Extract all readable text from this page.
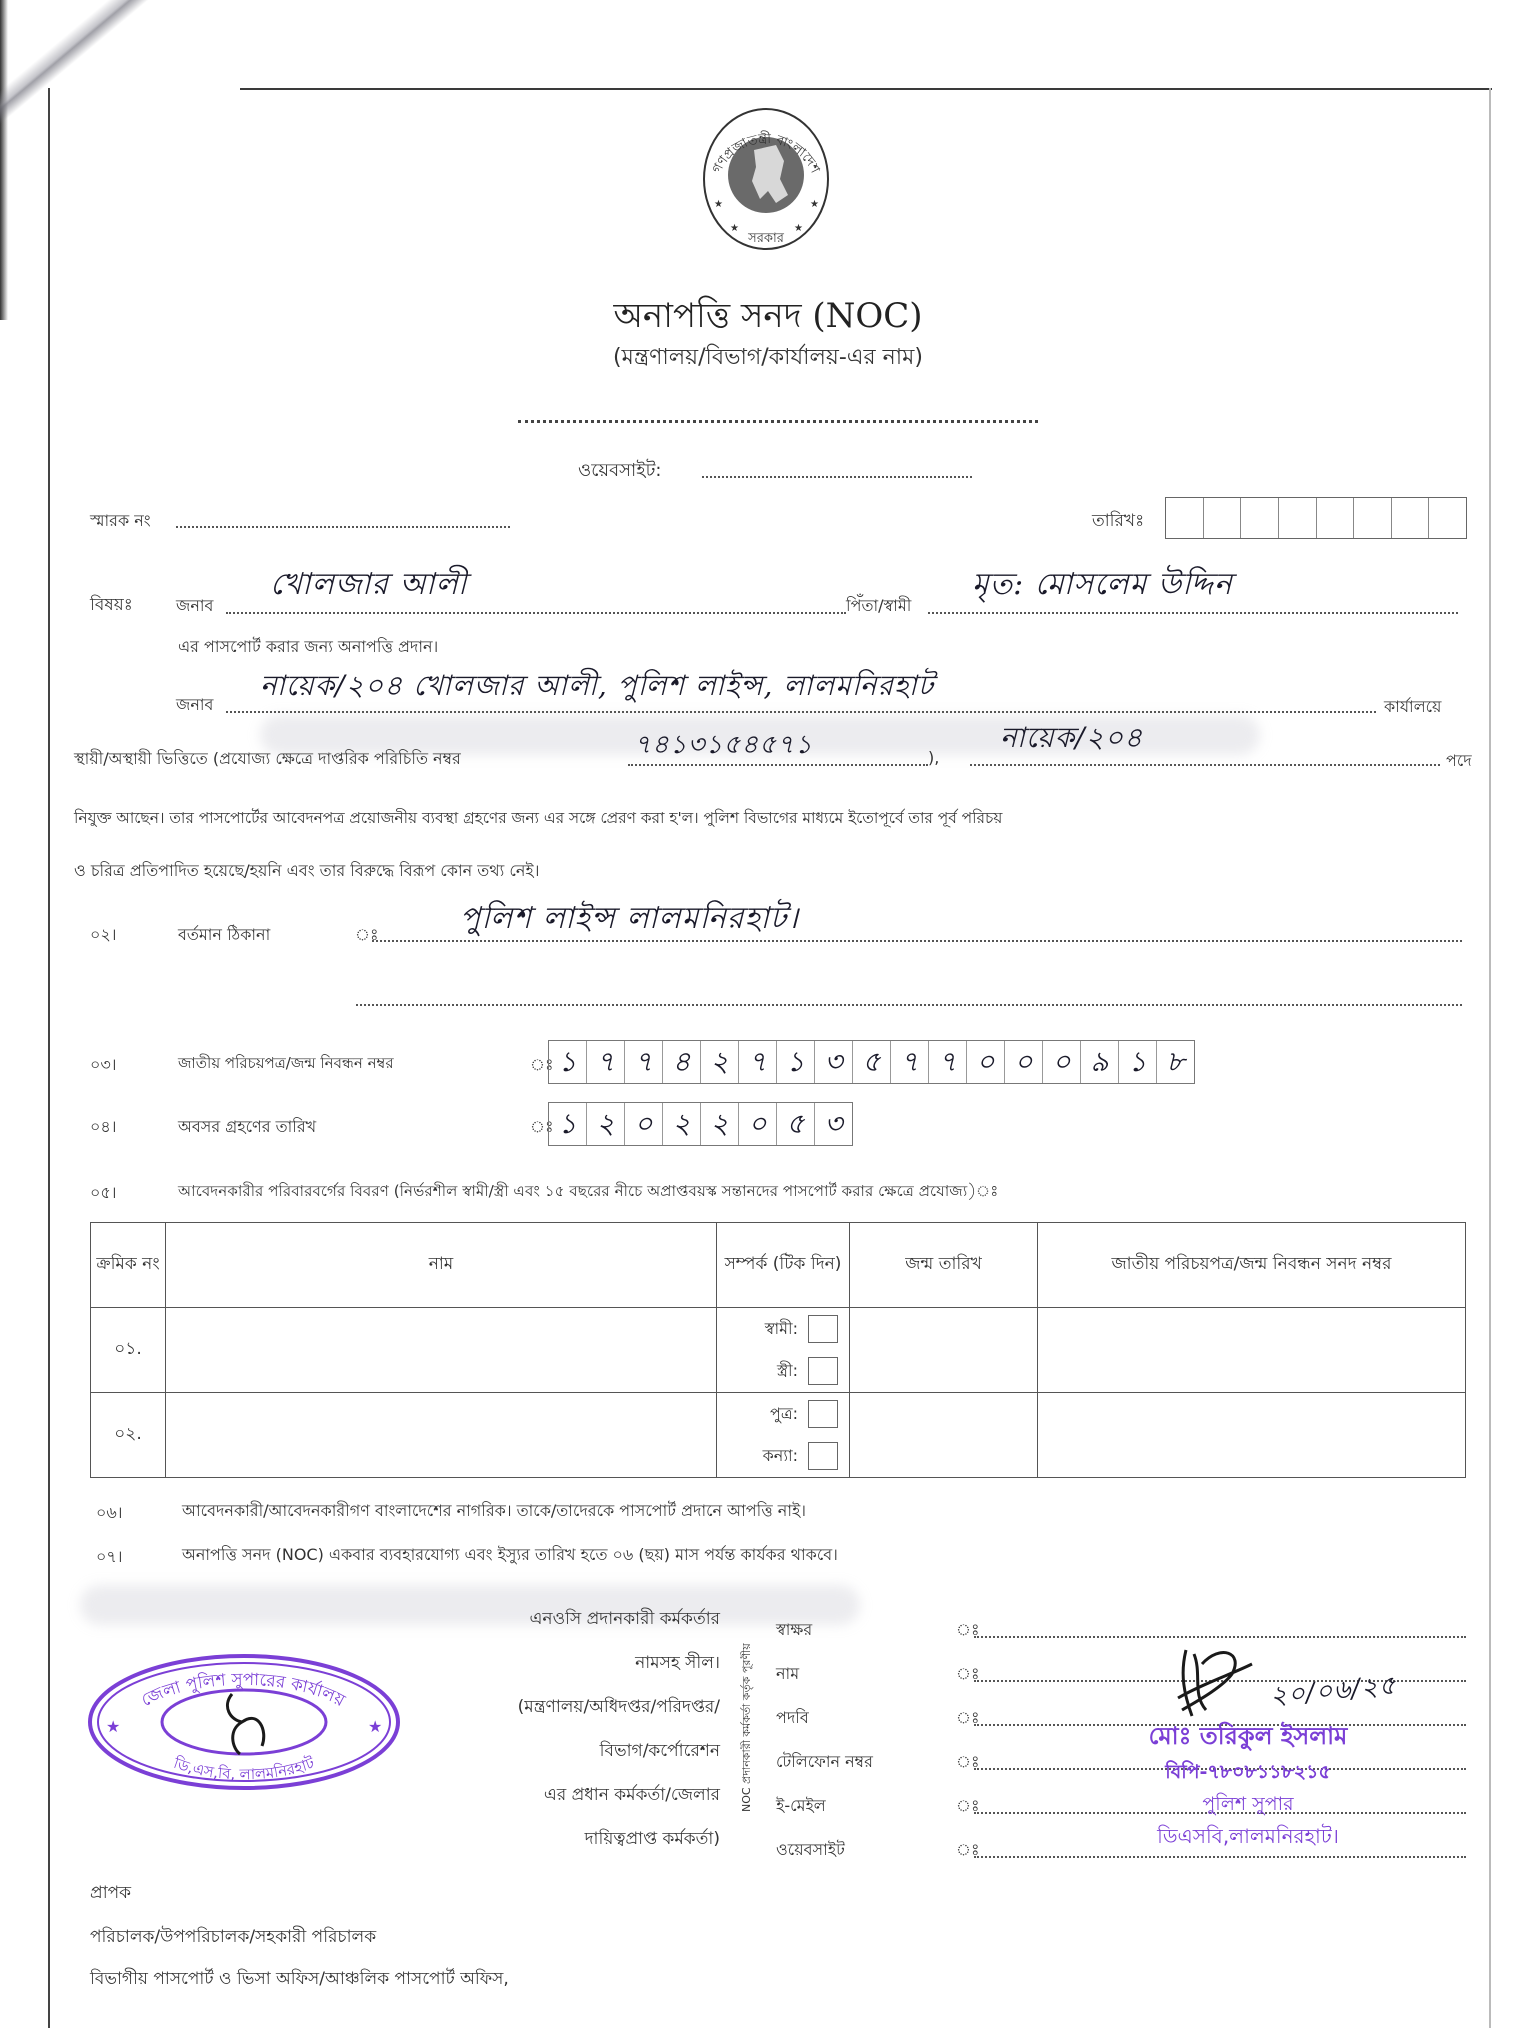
গণপ্রজাতন্ত্রী বাংলাদেশ
সরকার
★	★
★	★
অনাপত্তি সনদ (NOC)
(মন্ত্রণালয়/বিভাগ/কার্যালয়-এর নাম)
ওয়েবসাইট:
স্মারক নং	তারিখঃ
বিষয়ঃ	জনাব
খোলজার আলী
পিঁতা/স্বামী
মৃত: মোসলেম উদ্দিন
এর পাসপোর্ট করার জন্য অনাপত্তি প্রদান।
জনাব
নায়েক/২০৪ খোলজার আলী, পুলিশ লাইন্স, লালমনিরহাট
কার্যালয়ে
স্থায়ী/অস্থায়ী ভিত্তিতে (প্রযোজ্য ক্ষেত্রে দাপ্তরিক পরিচিতি নম্বর	৭৪১৩১৫৪৫৭১	),
নায়েক/২০৪
পদে
নিযুক্ত আছেন। তার পাসপোর্টের আবেদনপত্র প্রয়োজনীয় ব্যবস্থা গ্রহণের জন্য এর সঙ্গে প্রেরণ করা হ'ল। পুলিশ বিভাগের মাধ্যমে ইতোপূর্বে তার পূর্ব পরিচয়
ও চরিত্র প্রতিপাদিত হয়েছে/হয়নি এবং তার বিরুদ্ধে বিরূপ কোন তথ্য নেই।
০২।	বর্তমান ঠিকানা	ঃ	পুলিশ লাইন্স লালমনিরহাট।
০৩।	জাতীয় পরিচয়পত্র/জন্ম নিবন্ধন নম্বর	ঃ ১ ৭ ৭ ৪ ২ ৭ ১ ৩ ৫ ৭ ৭ ০ ০ ০ ৯ ১ ৮
০৪।	অবসর গ্রহণের তারিখ	ঃ ১ ২ ০ ২ ২ ০ ৫ ৩
০৫।	আবেদনকারীর পরিবারবর্গের বিবরণ (নির্ভরশীল স্বামী/স্ত্রী এবং ১৫ বছরের নীচে অপ্রাপ্তবয়স্ক সন্তানদের পাসপোর্ট করার ক্ষেত্রে প্রযোজ্য)ঃ
ক্রমিক নং	নাম	সম্পর্ক (টিক দিন)	জন্ম তারিখ	জাতীয় পরিচয়পত্র/জন্ম নিবন্ধন সনদ নম্বর
০১.		স্বামী:
স্ত্রী:		

০২.		পুত্র:
কন্যা:		

০৬।	আবেদনকারী/আবেদনকারীগণ বাংলাদেশের নাগরিক। তাকে/তাদেরকে পাসপোর্ট প্রদানে আপত্তি নাই।
০৭।	অনাপত্তি সনদ (NOC) একবার ব্যবহারযোগ্য এবং ইস্যুর তারিখ হতে ০৬ (ছয়) মাস পর্যন্ত কার্যকর থাকবে।
এনওসি প্রদানকারী কর্মকর্তার
নামসহ সীল।
(মন্ত্রণালয়/অধিদপ্তর/পরিদপ্তর/
বিভাগ/কর্পোরেশন
এর প্রধান কর্মকর্তা/জেলার
দায়িত্বপ্রাপ্ত কর্মকর্তা)
NOC প্রদানকারী কর্মকর্তা কর্তৃক পূরণীয়
স্বাক্ষর	ঃ
নাম	ঃ
পদবি	ঃ
টেলিফোন নম্বর	ঃ
ই-মেইল	ঃ
ওয়েবসাইট	ঃ
২০/০৬/২৫
মোঃ তরিকুল ইসলাম
বিপি-৭৮০৮১১৮২১৫
পুলিশ সুপার
ডিএসবি,লালমনিরহাট।
জেলা পুলিশ সুপারের কার্যালয়
ডি,এস,বি, লালমনিরহাট
★	★
প্রাপক
পরিচালক/উপপরিচালক/সহকারী পরিচালক
বিভাগীয় পাসপোর্ট ও ভিসা অফিস/আঞ্চলিক পাসপোর্ট অফিস,
